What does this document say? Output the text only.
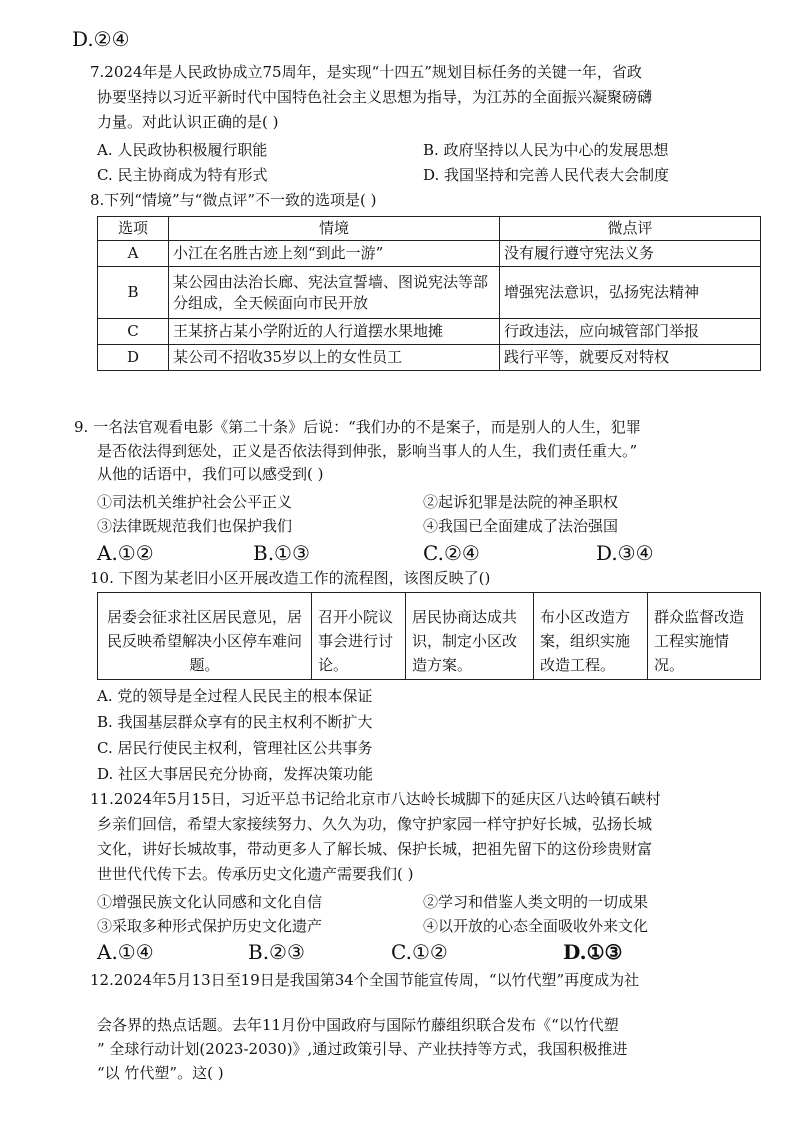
D.②④
7.2024年是人民政协成立75周年，是实现“十四五”规划目标任务的关键一年，省政
协要坚持以习近平新时代中国特色社会主义思想为指导，为江苏的全面振兴凝聚磅礴
力量。对此认识正确的是( )
A. 人民政协积极履行职能	B. 政府坚持以人民为中心的发展思想
C. 民主协商成为特有形式	D. 我国坚持和完善人民代表大会制度
8.下列“情境”与“微点评”不一致的选项是( )
选项	情境	微点评
A	小江在名胜古迹上刻“到此一游”	没有履行遵守宪法义务
B	某公园由法治长廊、宪法宣誓墙、图说宪法等部分组成，全天候面向市民开放	增强宪法意识，弘扬宪法精神
C	王某挤占某小学附近的人行道摆水果地摊	行政违法，应向城管部门举报
D	某公司不招收35岁以上的女性员工	践行平等，就要反对特权
9. 一名法官观看电影《第二十条》后说：“我们办的不是案子，而是别人的人生，犯罪
是否依法得到惩处，正义是否依法得到伸张，影响当事人的人生，我们责任重大。”
从他的话语中，我们可以感受到( )
①司法机关维护社会公平正义	②起诉犯罪是法院的神圣职权
③法律既规范我们也保护我们	④我国已全面建成了法治强国
A.①②	B.①③	C.②④	D.③④
10. 下图为某老旧小区开展改造工作的流程图，该图反映了()
居委会征求社区居民意见，居民反映希望解决小区停车难问题。
召开小院议事会进行讨论。
居民协商达成共识，制定小区改造方案。
布小区改造方案，组织实施改造工程。
群众监督改造工程实施情况。
A. 党的领导是全过程人民民主的根本保证
B. 我国基层群众享有的民主权利不断扩大
C. 居民行使民主权利，管理社区公共事务
D. 社区大事居民充分协商，发挥决策功能
11.2024年5月15日，习近平总书记给北京市八达岭长城脚下的延庆区八达岭镇石峡村
乡亲们回信，希望大家接续努力、久久为功，像守护家园一样守护好长城，弘扬长城
文化，讲好长城故事，带动更多人了解长城、保护长城，把祖先留下的这份珍贵财富
世世代代传下去。传承历史文化遗产需要我们( )
①增强民族文化认同感和文化自信	②学习和借鉴人类文明的一切成果
③采取多种形式保护历史文化遗产	④以开放的心态全面吸收外来文化
A.①④	B.②③	C.①②	D.①③
12.2024年5月13日至19日是我国第34个全国节能宣传周，“以竹代塑”再度成为社
会各界的热点话题。去年11月份中国政府与国际竹藤组织联合发布《“以竹代塑
” 全球行动计划(2023-2030)》,通过政策引导、产业扶持等方式，我国积极推进
“以 竹代塑”。这( )
